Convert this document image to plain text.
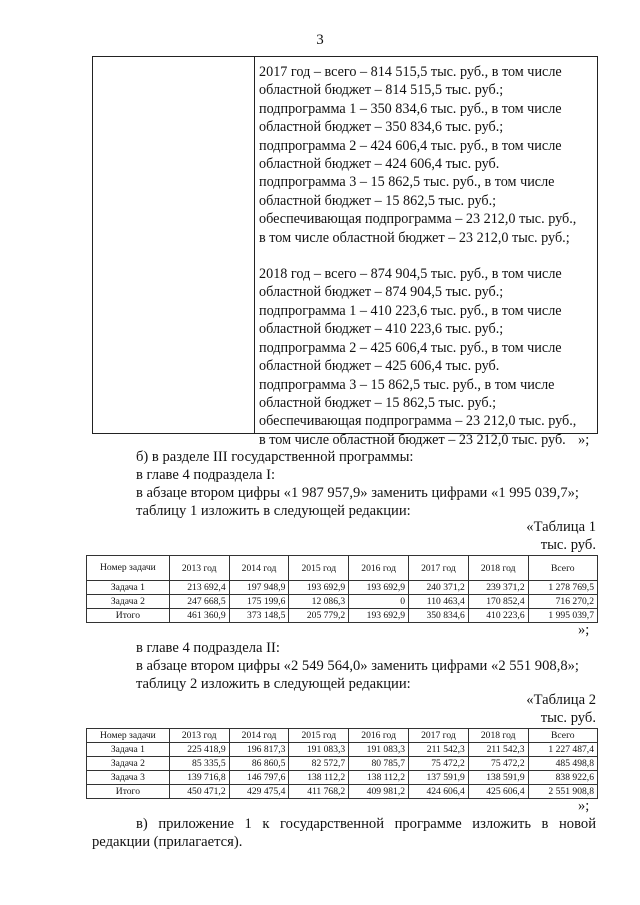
3
2017 год – всего – 814 515,5 тыс. руб., в том числе
областной бюджет – 814 515,5 тыс. руб.;
подпрограмма 1 – 350 834,6 тыс. руб., в том числе
областной бюджет – 350 834,6 тыс. руб.;
подпрограмма 2 – 424 606,4 тыс. руб., в том числе
областной бюджет – 424 606,4 тыс. руб.
подпрограмма 3 – 15 862,5 тыс. руб., в том числе
областной бюджет – 15 862,5 тыс. руб.;
обеспечивающая подпрограмма – 23 212,0 тыс. руб.,
в том числе областной бюджет – 23 212,0 тыс. руб.;
2018 год – всего – 874 904,5 тыс. руб., в том числе
областной бюджет – 874 904,5 тыс. руб.;
подпрограмма 1 – 410 223,6 тыс. руб., в том числе
областной бюджет – 410 223,6 тыс. руб.;
подпрограмма 2 – 425 606,4 тыс. руб., в том числе
областной бюджет – 425 606,4 тыс. руб.
подпрограмма 3 – 15 862,5 тыс. руб., в том числе
областной бюджет – 15 862,5 тыс. руб.;
обеспечивающая подпрограмма – 23 212,0 тыс. руб.,
в том числе областной бюджет – 23 212,0 тыс. руб. »;
б) в разделе III государственной программы:
в главе 4 подраздела I:
в абзаце втором цифры «1 987 957,9» заменить цифрами «1 995 039,7»;
таблицу 1 изложить в следующей редакции:
«Таблица 1
тыс. руб.
Номер задачи	2013 год	2014 год	2015 год	2016 год	2017 год	2018 год	Всего
Задача 1	213 692,4	197 948,9	193 692,9	193 692,9	240 371,2	239 371,2	1 278 769,5
Задача 2	247 668,5	175 199,6	12 086,3	0	110 463,4	170 852,4	716 270,2
Итого	461 360,9	373 148,5	205 779,2	193 692,9	350 834,6	410 223,6	1 995 039,7
»;
в главе 4 подраздела II:
в абзаце втором цифры «2 549 564,0» заменить цифрами «2 551 908,8»;
таблицу 2 изложить в следующей редакции:
«Таблица 2
тыс. руб.
Номер задачи	2013 год	2014 год	2015 год	2016 год	2017 год	2018 год	Всего
Задача 1	225 418,9	196 817,3	191 083,3	191 083,3	211 542,3	211 542,3	1 227 487,4
Задача 2	85 335,5	86 860,5	82 572,7	80 785,7	75 472,2	75 472,2	485 498,8
Задача 3	139 716,8	146 797,6	138 112,2	138 112,2	137 591,9	138 591,9	838 922,6
Итого	450 471,2	429 475,4	411 768,2	409 981,2	424 606,4	425 606,4	2 551 908,8
»;
в) приложение 1 к государственной программе изложить в новой
редакции (прилагается).
